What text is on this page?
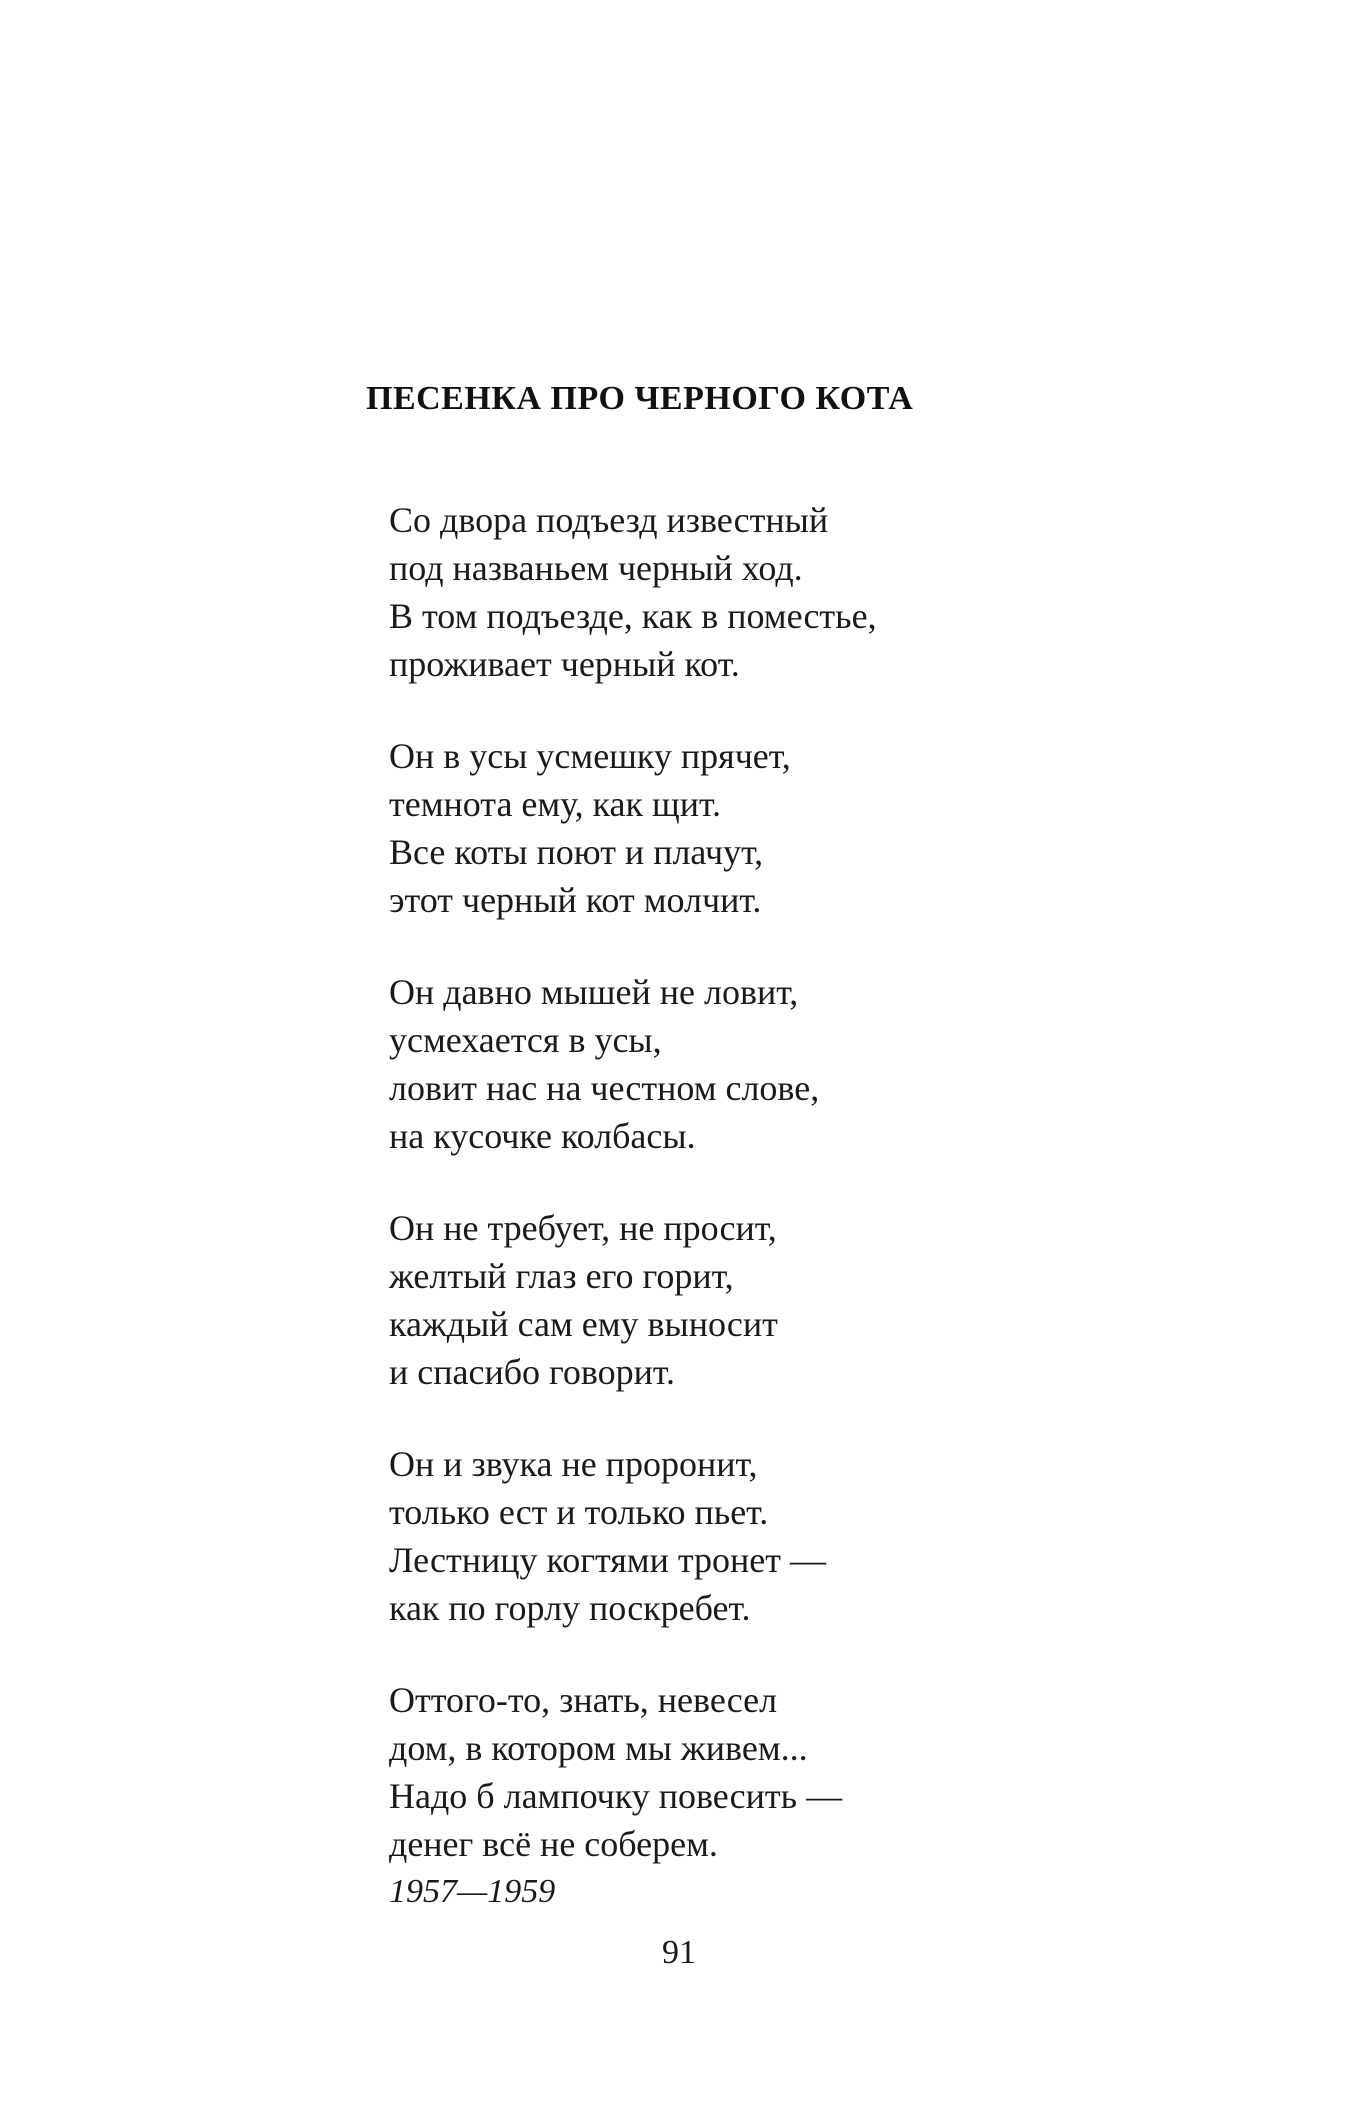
ПЕСЕНКА ПРО ЧЕРНОГО КОТА
Со двора подъезд известный
под названьем черный ход.
В том подъезде, как в поместье,
проживает черный кот.
Он в усы усмешку прячет,
темнота ему, как щит.
Все коты поют и плачут,
этот черный кот молчит.
Он давно мышей не ловит,
усмехается в усы,
ловит нас на честном слове,
на кусочке колбасы.
Он не требует, не просит,
желтый глаз его горит,
каждый сам ему выносит
и спасибо говорит.
Он и звука не проронит,
только ест и только пьет.
Лестницу когтями тронет —
как по горлу поскребет.
Оттого-то, знать, невесел
дом, в котором мы живем...
Надо б лампочку повесить —
денег всё не соберем.
1957—1959
91
